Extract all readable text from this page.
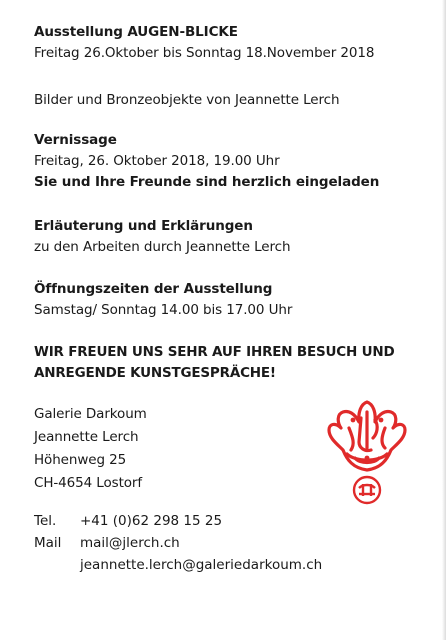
Ausstellung AUGEN-BLICKE
Freitag 26.Oktober bis Sonntag 18.November 2018
Bilder und Bronzeobjekte von Jeannette Lerch
Vernissage
Freitag, 26. Oktober 2018, 19.00 Uhr
Sie und Ihre Freunde sind herzlich eingeladen
Erläuterung und Erklärungen
zu den Arbeiten durch Jeannette Lerch
Öffnungszeiten der Ausstellung
Samstag/ Sonntag 14.00 bis 17.00 Uhr
WIR FREUEN UNS SEHR AUF IHREN BESUCH UND
ANREGENDE KUNSTGESPRÄCHE!
Galerie Darkoum
Jeannette Lerch
Höhenweg 25
CH-4654 Lostorf
Tel. +41 (0)62 298 15 25
Mail mail@jlerch.ch
jeannette.lerch@galeriedarkoum.ch
